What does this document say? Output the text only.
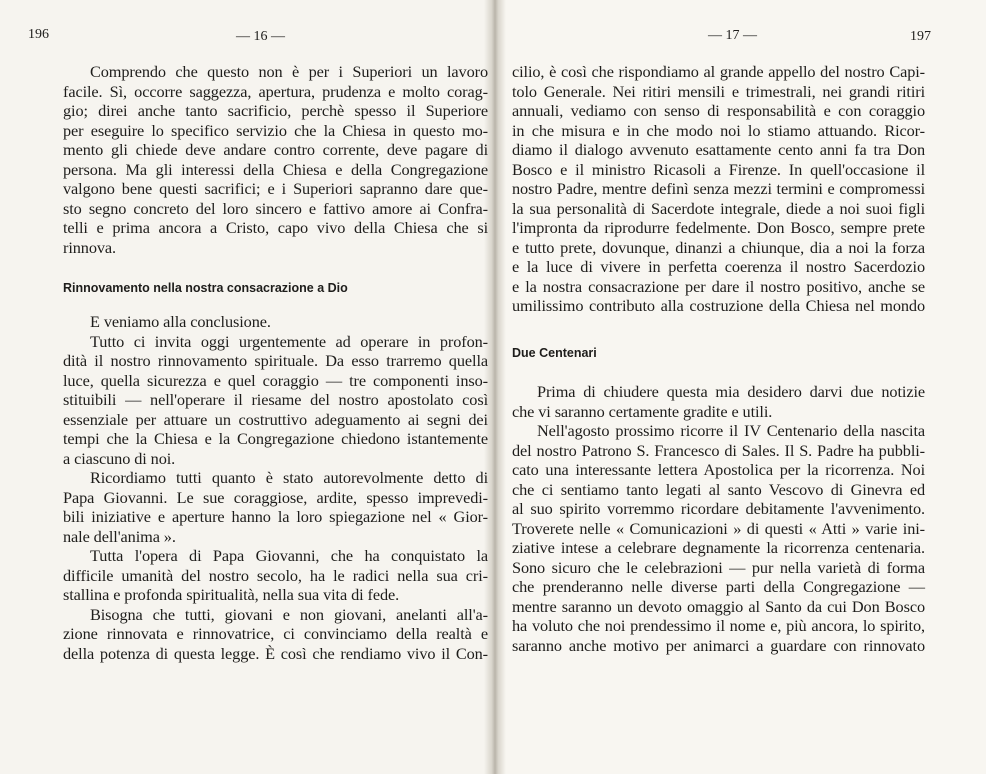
196	— 16 —	197
— 17 —
Comprendo che questo non è per i Superiori un lavoro
facile. Sì, occorre saggezza, apertura, prudenza e molto corag-
gio; direi anche tanto sacrificio, perchè spesso il Superiore
per eseguire lo specifico servizio che la Chiesa in questo mo-
mento gli chiede deve andare contro corrente, deve pagare di
persona. Ma gli interessi della Chiesa e della Congregazione
valgono bene questi sacrifici; e i Superiori sapranno dare que-
sto segno concreto del loro sincero e fattivo amore ai Confra-
telli e prima ancora a Cristo, capo vivo della Chiesa che si
rinnova.
Rinnovamento nella nostra consacrazione a Dio
E veniamo alla conclusione.
Tutto ci invita oggi urgentemente ad operare in profon-
dità il nostro rinnovamento spirituale. Da esso trarremo quella
luce, quella sicurezza e quel coraggio — tre componenti inso-
stituibili — nell'operare il riesame del nostro apostolato così
essenziale per attuare un costruttivo adeguamento ai segni dei
tempi che la Chiesa e la Congregazione chiedono istantemente
a ciascuno di noi.
Ricordiamo tutti quanto è stato autorevolmente detto di
Papa Giovanni. Le sue coraggiose, ardite, spesso imprevedi-
bili iniziative e aperture hanno la loro spiegazione nel « Gior-
nale dell'anima ».
Tutta l'opera di Papa Giovanni, che ha conquistato la
difficile umanità del nostro secolo, ha le radici nella sua cri-
stallina e profonda spiritualità, nella sua vita di fede.
Bisogna che tutti, giovani e non giovani, anelanti all'a-
zione rinnovata e rinnovatrice, ci convinciamo della realtà e
della potenza di questa legge. È così che rendiamo vivo il Con-
cilio, è così che rispondiamo al grande appello del nostro Capi-
tolo Generale. Nei ritiri mensili e trimestrali, nei grandi ritiri
annuali, vediamo con senso di responsabilità e con coraggio
in che misura e in che modo noi lo stiamo attuando. Ricor-
diamo il dialogo avvenuto esattamente cento anni fa tra Don
Bosco e il ministro Ricasoli a Firenze. In quell'occasione il
nostro Padre, mentre definì senza mezzi termini e compromessi
la sua personalità di Sacerdote integrale, diede a noi suoi figli
l'impronta da riprodurre fedelmente. Don Bosco, sempre prete
e tutto prete, dovunque, dinanzi a chiunque, dia a noi la forza
e la luce di vivere in perfetta coerenza il nostro Sacerdozio
e la nostra consacrazione per dare il nostro positivo, anche se
umilissimo contributo alla costruzione della Chiesa nel mondo
Due Centenari
Prima di chiudere questa mia desidero darvi due notizie
che vi saranno certamente gradite e utili.
Nell'agosto prossimo ricorre il IV Centenario della nascita
del nostro Patrono S. Francesco di Sales. Il S. Padre ha pubbli-
cato una interessante lettera Apostolica per la ricorrenza. Noi
che ci sentiamo tanto legati al santo Vescovo di Ginevra ed
al suo spirito vorremmo ricordare debitamente l'avvenimento.
Troverete nelle « Comunicazioni » di questi « Atti » varie ini-
ziative intese a celebrare degnamente la ricorrenza centenaria.
Sono sicuro che le celebrazioni — pur nella varietà di forma
che prenderanno nelle diverse parti della Congregazione —
mentre saranno un devoto omaggio al Santo da cui Don Bosco
ha voluto che noi prendessimo il nome e, più ancora, lo spirito,
saranno anche motivo per animarci a guardare con rinnovato
